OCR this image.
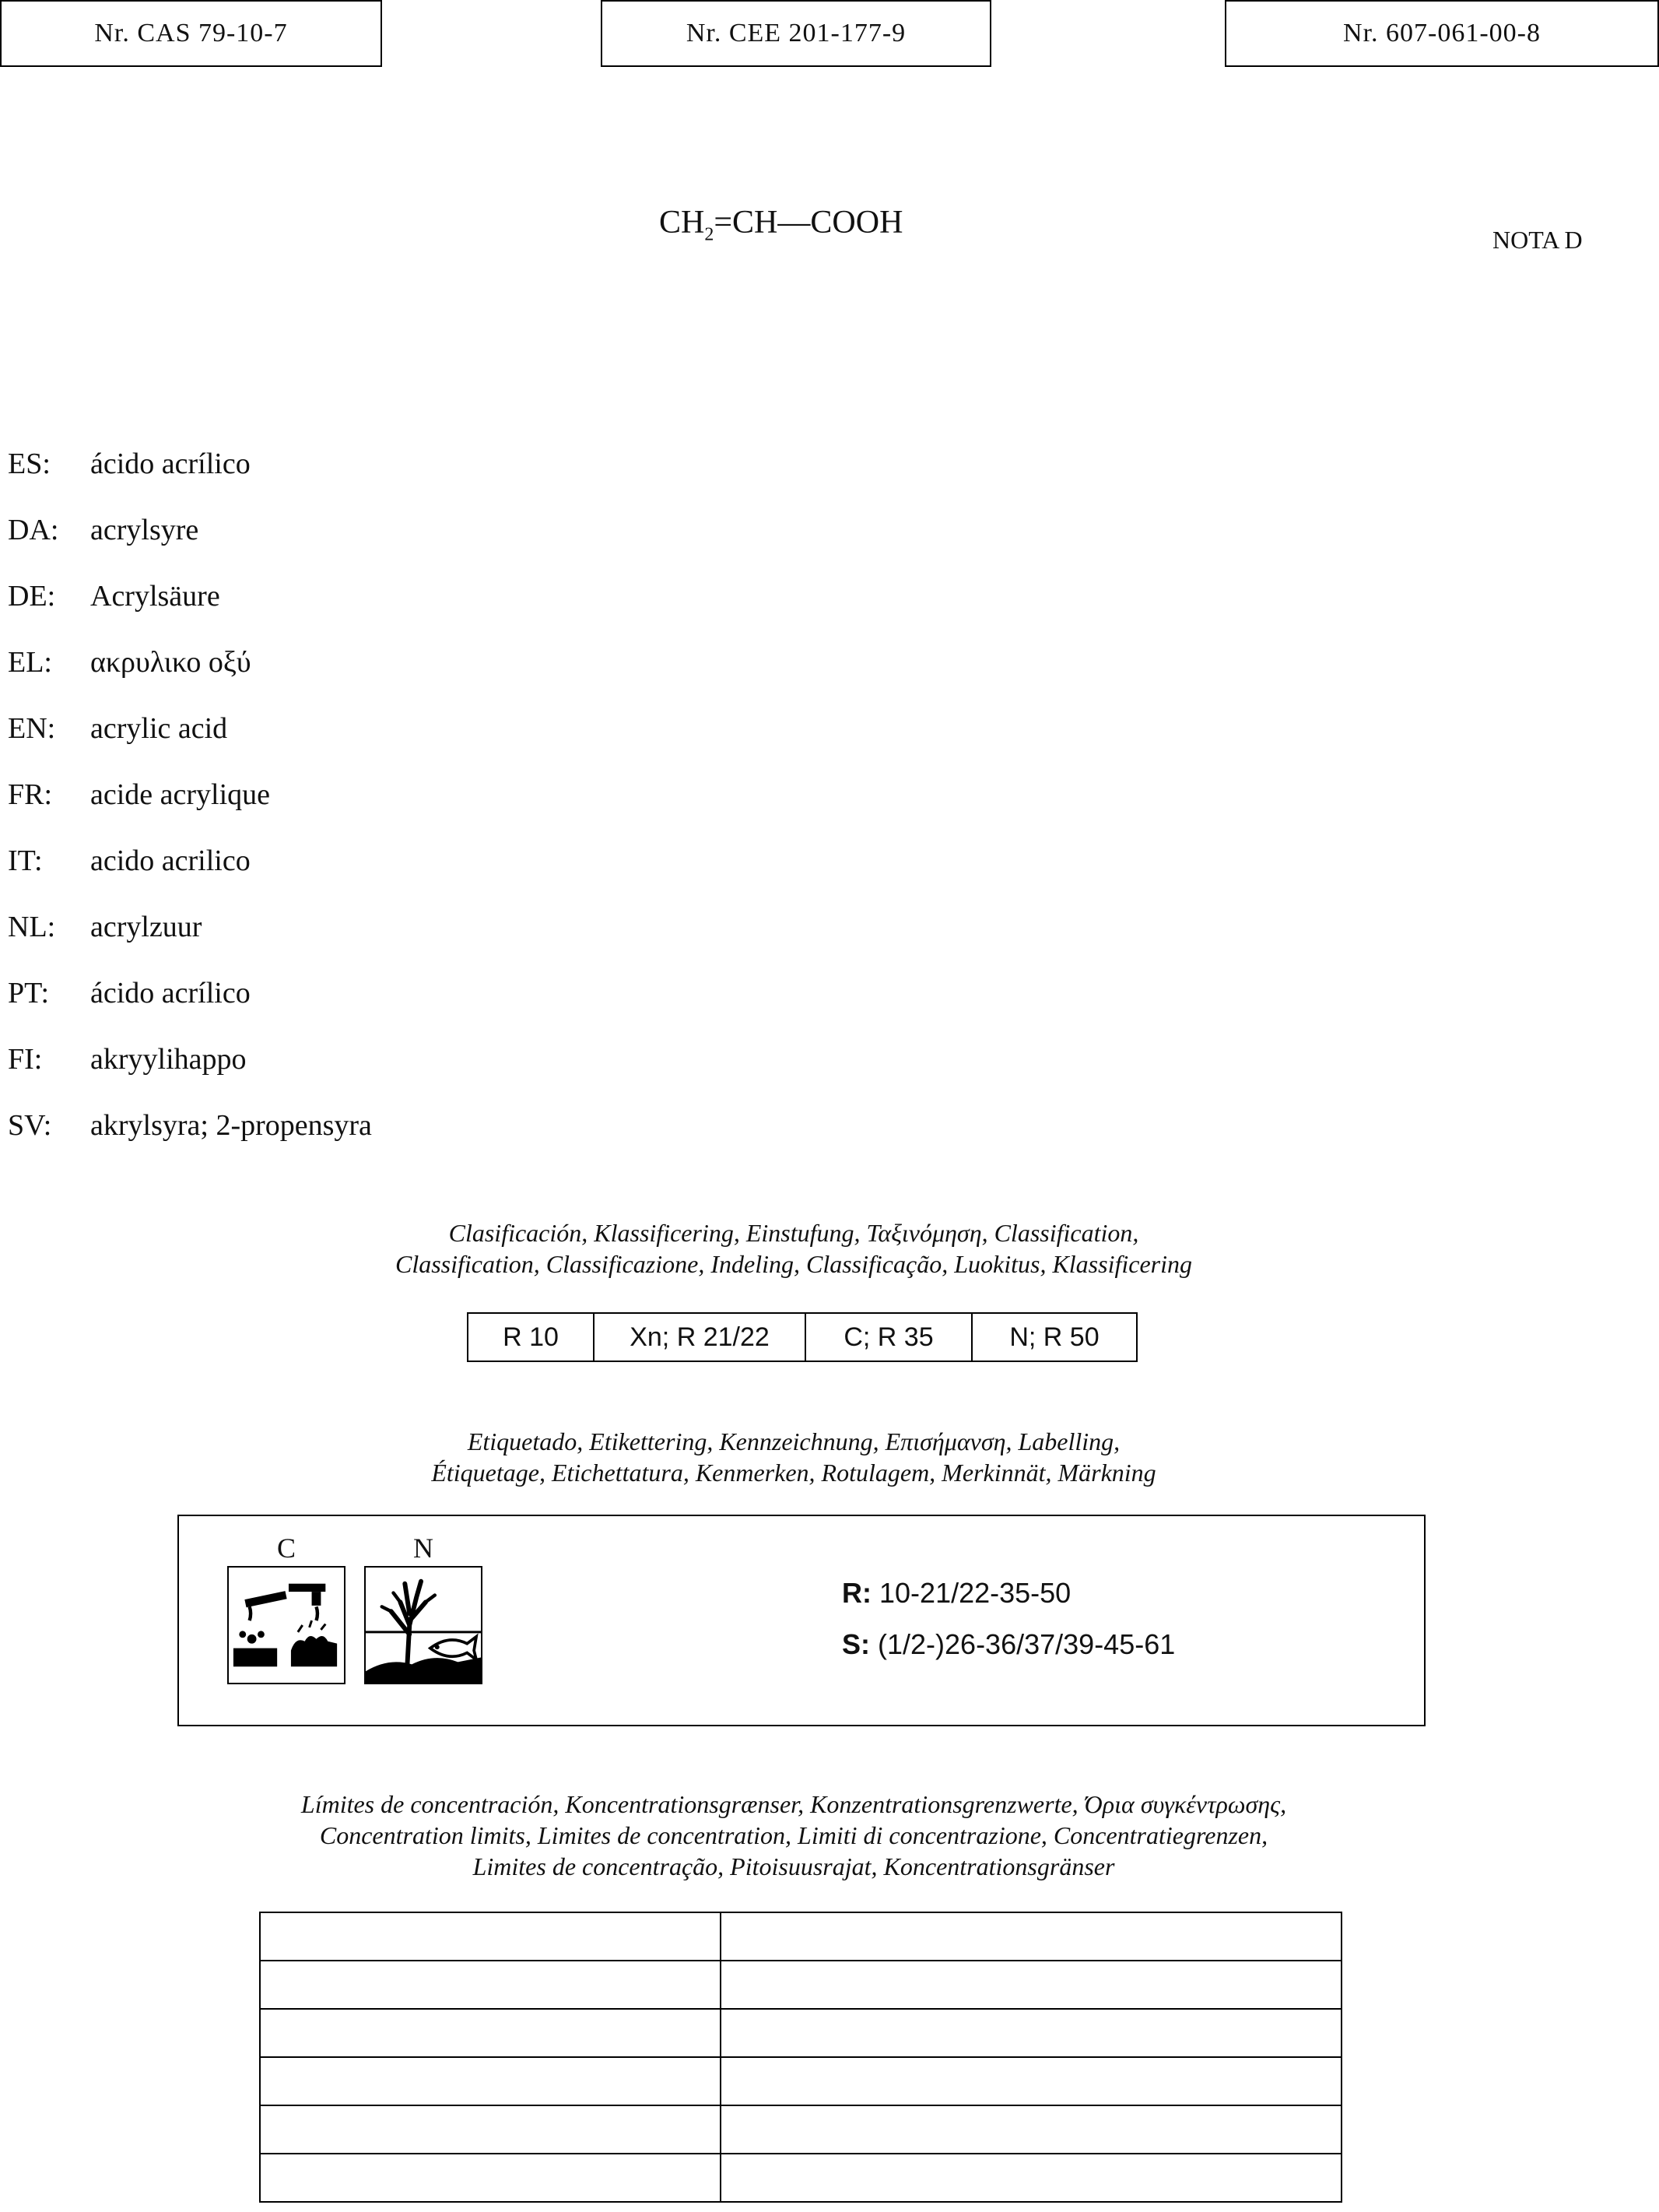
Nr. CAS 79-10-7	Nr. CEE 201-177-9	Nr. 607-061-00-8
$CH_2=CH—COOH$	NOTA D
ES:	ácido acrílico
DA:	acrylsyre
DE:	Acrylsäure
EL:	ακρυλικο οξύ
EN:	acrylic acid
FR:	acide acrylique
IT:	acido acrilico
NL:	acrylzuur
PT:	ácido acrílico
FI:	akryylihappo
SV:	akrylsyra; 2-propensyra
Clasificación, Klassificering, Einstufung, Ταξινόμηση, Classification,
Classification, Classificazione, Indeling, Classificação, Luokitus, Klassificering
R 10	Xn; R 21/22	C; R 35	N; R 50
Etiquetado, Etikettering, Kennzeichnung, Επισήμανση, Labelling,
Étiquetage, Etichettatura, Kenmerken, Rotulagem, Merkinnät, Märkning
C	N
R: 10-21/22-35-50
S: (1/2-)26-36/37/39-45-61
Límites de concentración, Koncentrationsgrænser, Konzentrationsgrenzwerte, Όρια συγκέντρωσης,
Concentration limits, Limites de concentration, Limiti di concentrazione, Concentratiegrenzen,
Limites de concentração, Pitoisuusrajat, Koncentrationsgränser
